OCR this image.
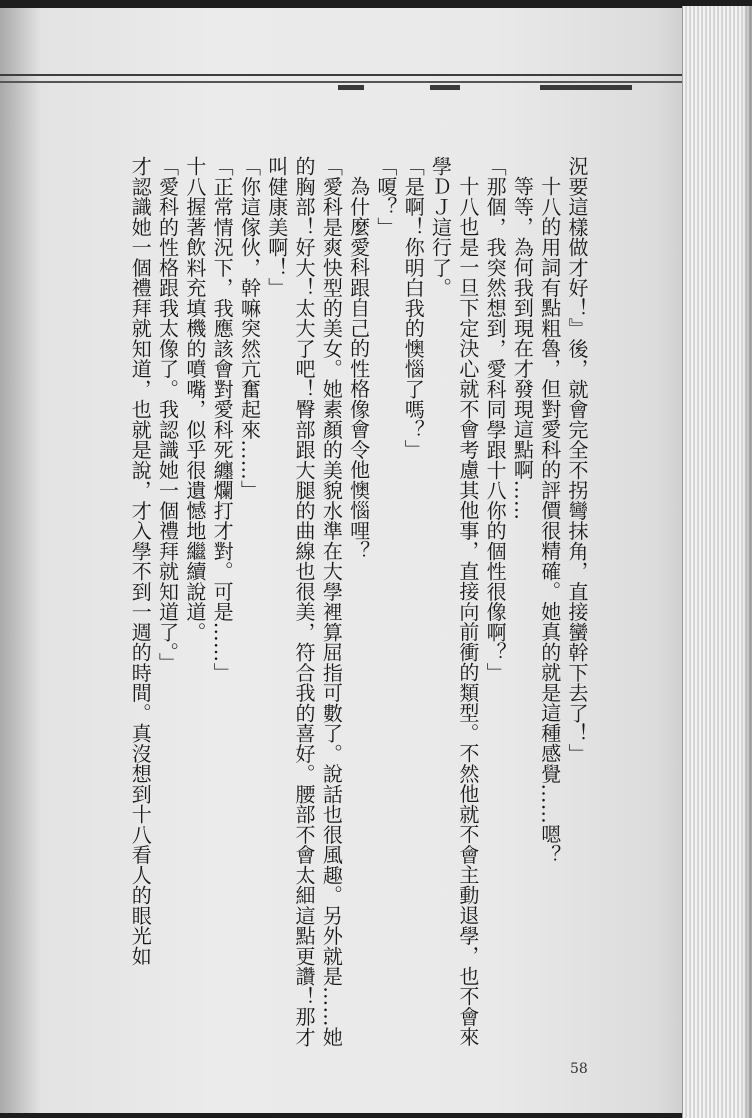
況要這樣做才好！』後，就會完全不拐彎抹角，直接蠻幹下去了！」

十八的用詞有點粗魯，但對愛科的評價很精確。她真的就是這種感覺……嗯？

等等，為何我到現在才發現這點啊……

「那個，我突然想到，愛科同學跟十八你的個性很像啊？」

十八也是一旦下定決心就不會考慮其他事，直接向前衝的類型。不然他就不會主動退學，也不會來學ＤＪ這行了。

「是啊！你明白我的懊惱了嗎？」

「嗄？」

為什麼愛科跟自己的性格像會令他懊惱哩？

「愛科是爽快型的美女。她素顏的美貌水準在大學裡算屈指可數了。說話也很風趣。另外就是……她的胸部！好大！太大了吧！臀部跟大腿的曲線也很美，符合我的喜好。腰部不會太細這點更讚！那才叫健康美啊！」

「你這傢伙，幹嘛突然亢奮起來……」

「正常情況下，我應該會對愛科死纏爛打才對。可是……」

十八握著飲料充填機的噴嘴，似乎很遺憾地繼續說道。

「愛科的性格跟我太像了。我認識她一個禮拜就知道了。」

才認識她一個禮拜就知道，也就是說，才入學不到一週的時間。真沒想到十八看人的眼光如

58
